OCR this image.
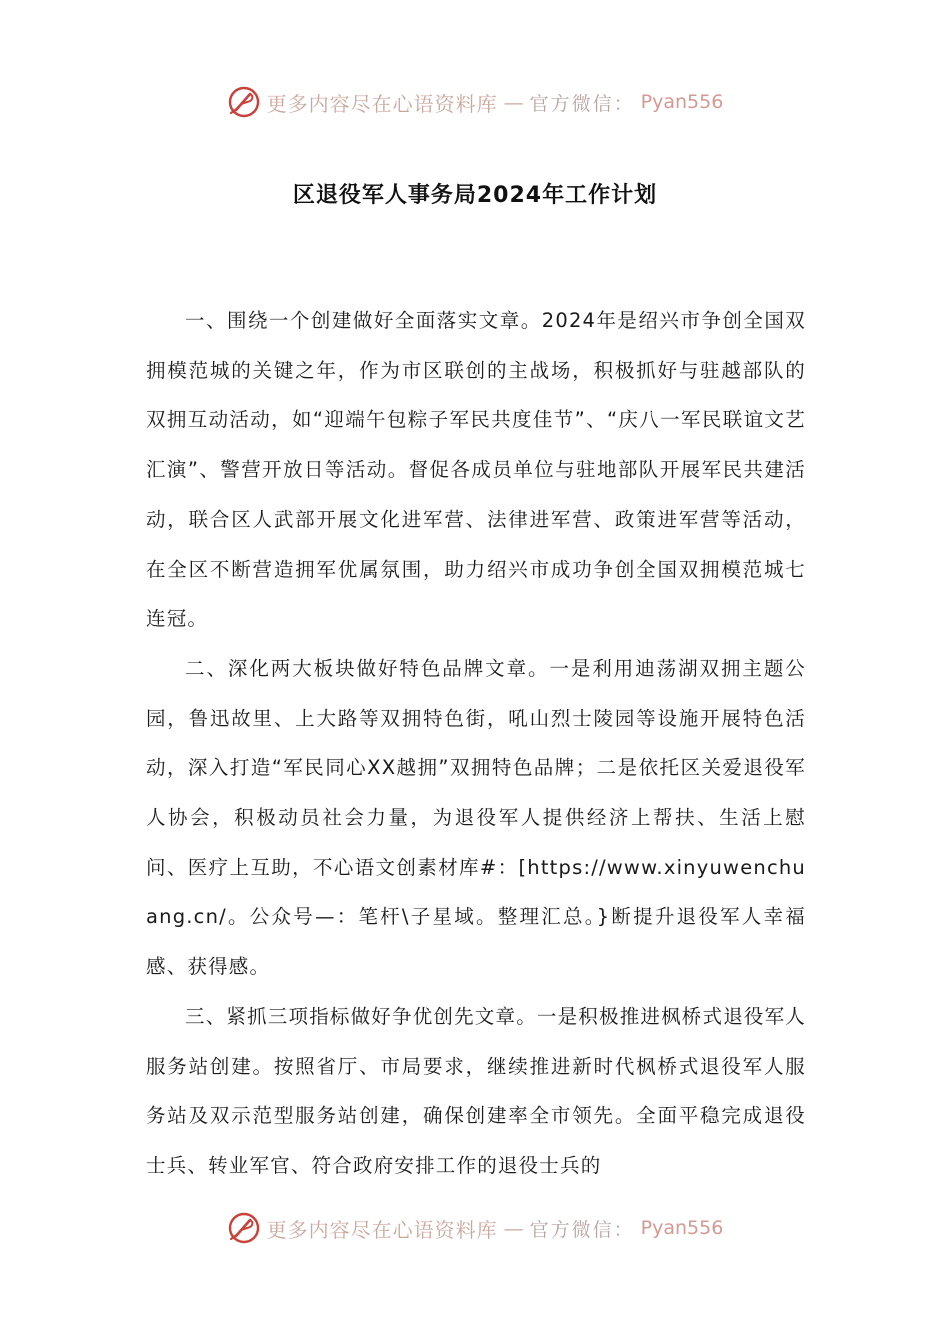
更多内容尽在心语资料库 — 官方微信： Pyan556
区退役军人事务局2024年工作计划

一、围绕一个创建做好全面落实文章。2024年是绍兴市争创全国双拥模范城的关键之年，作为市区联创的主战场，积极抓好与驻越部队的双拥互动活动，如“迎端午包粽子军民共度佳节”、“庆八一军民联谊文艺汇演”、警营开放日等活动。督促各成员单位与驻地部队开展军民共建活动，联合区人武部开展文化进军营、法律进军营、政策进军营等活动，在全区不断营造拥军优属氛围，助力绍兴市成功争创全国双拥模范城七连冠。

二、深化两大板块做好特色品牌文章。一是利用迪荡湖双拥主题公园，鲁迅故里、上大路等双拥特色街，吼山烈士陵园等设施开展特色活动，深入打造“军民同心XX越拥”双拥特色品牌；二是依托区关爱退役军人协会，积极动员社会力量，为退役军人提供经济上帮扶、生活上慰问、医疗上互助，不心语文创素材库#：[https://www.xinyuwenchuang.cn/。公众号—：笔杆\子星域。整理汇总。}断提升退役军人幸福感、获得感。

三、紧抓三项指标做好争优创先文章。一是积极推进枫桥式退役军人服务站创建。按照省厅、市局要求，继续推进新时代枫桥式退役军人服务站及双示范型服务站创建，确保创建率全市领先。全面平稳完成退役士兵、转业军官、符合政府安排工作的退役士兵的

更多内容尽在心语资料库 — 官方微信： Pyan556
